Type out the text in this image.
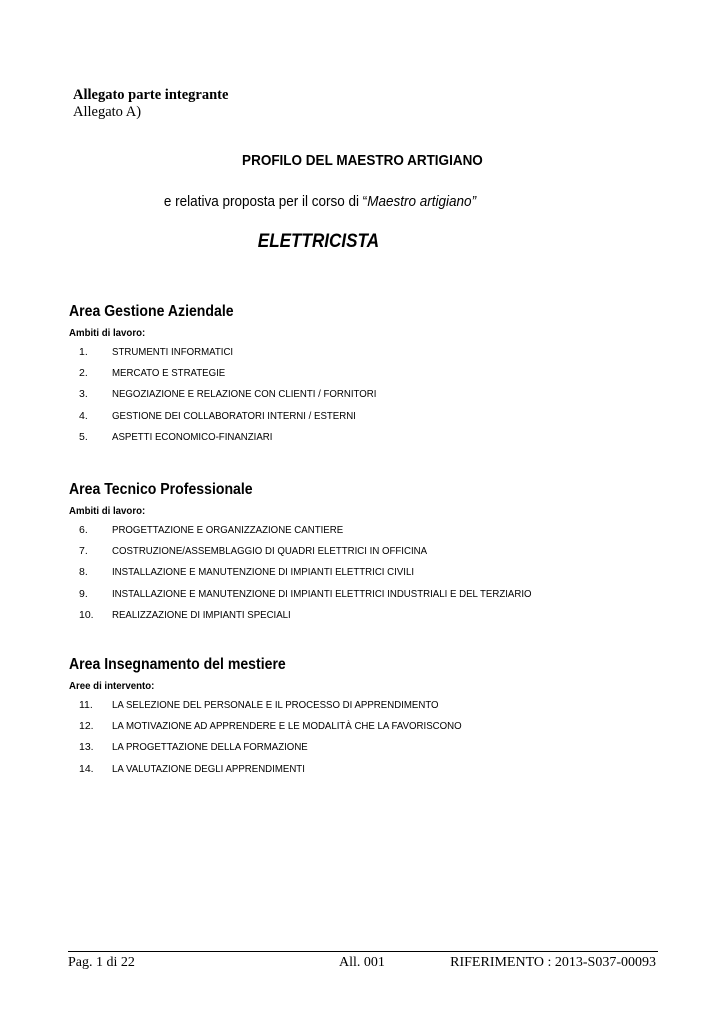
Allegato parte integrante
Allegato A)
PROFILO DEL MAESTRO ARTIGIANO
e relativa proposta per il corso di “Maestro artigiano”
ELETTRICISTA
Area Gestione Aziendale
Ambiti di lavoro:
1.	STRUMENTI INFORMATICI
2.	MERCATO E STRATEGIE
3.	NEGOZIAZIONE E RELAZIONE CON CLIENTI / FORNITORI
4.	GESTIONE DEI COLLABORATORI INTERNI / ESTERNI
5.	ASPETTI ECONOMICO-FINANZIARI
Area Tecnico Professionale
Ambiti di lavoro:
6.	PROGETTAZIONE E ORGANIZZAZIONE CANTIERE
7.	COSTRUZIONE/ASSEMBLAGGIO DI QUADRI ELETTRICI IN OFFICINA
8.	INSTALLAZIONE E MANUTENZIONE DI IMPIANTI ELETTRICI CIVILI
9.	INSTALLAZIONE E MANUTENZIONE DI IMPIANTI ELETTRICI INDUSTRIALI E DEL TERZIARIO
10.	REALIZZAZIONE DI IMPIANTI SPECIALI
Area Insegnamento del mestiere
Aree di intervento:
11.	LA SELEZIONE DEL PERSONALE E IL PROCESSO DI APPRENDIMENTO
12.	LA MOTIVAZIONE AD APPRENDERE E LE MODALITÀ CHE LA FAVORISCONO
13.	LA PROGETTAZIONE DELLA FORMAZIONE
14.	LA VALUTAZIONE DEGLI APPRENDIMENTI
Pag. 1 di 22	All. 001	RIFERIMENTO : 2013-S037-00093
